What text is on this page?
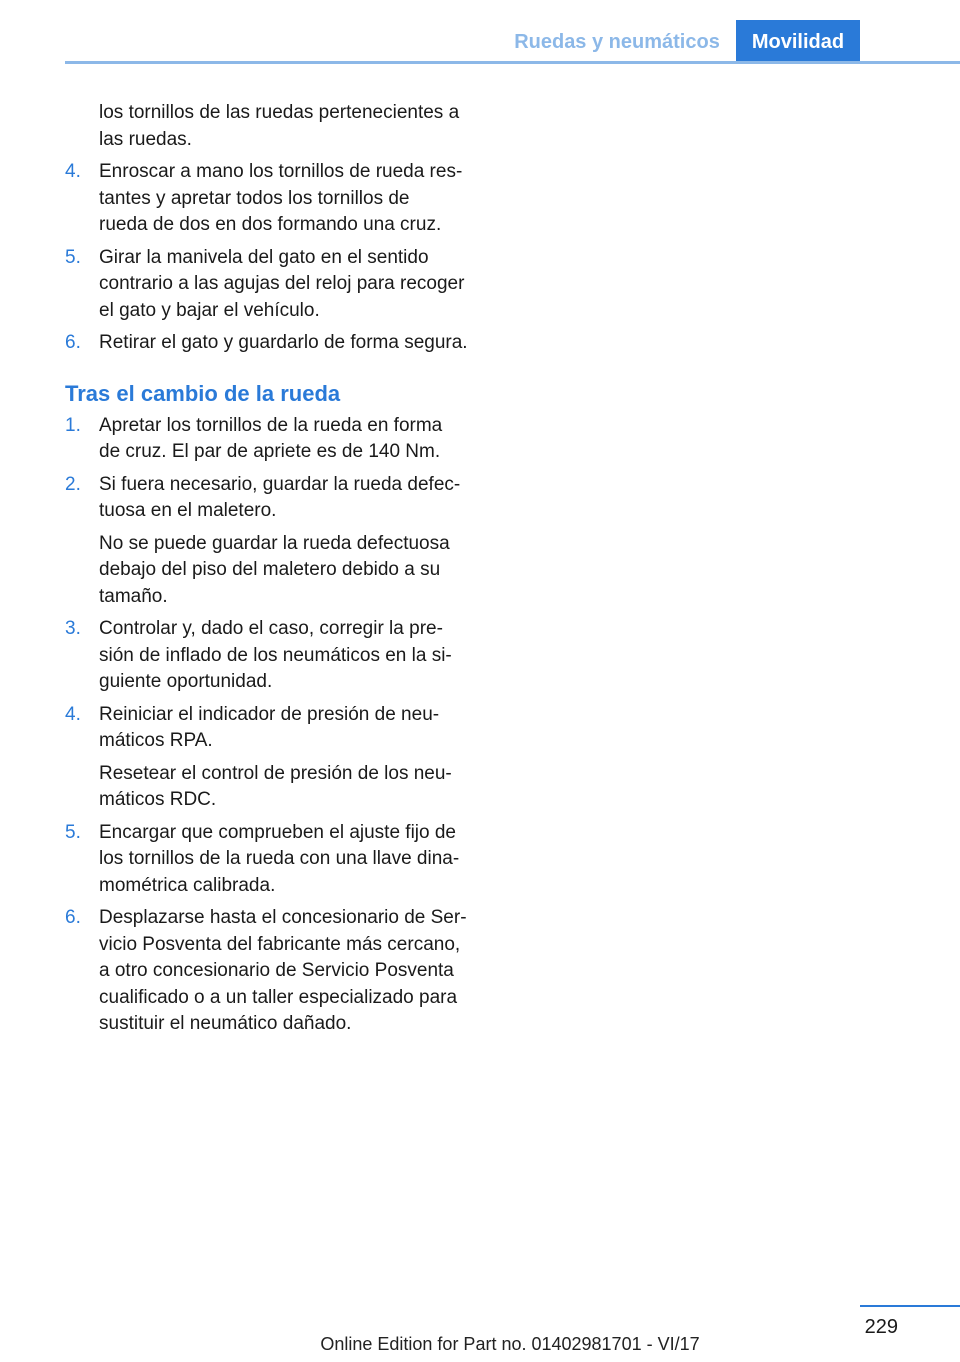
Ruedas y neumáticos	Movilidad
los tornillos de las ruedas pertenecientes a
las ruedas.
4. Enroscar a mano los tornillos de rueda res‐
tantes y apretar todos los tornillos de
rueda de dos en dos formando una cruz.
5. Girar la manivela del gato en el sentido
contrario a las agujas del reloj para recoger
el gato y bajar el vehículo.
6. Retirar el gato y guardarlo de forma segura.
Tras el cambio de la rueda
1. Apretar los tornillos de la rueda en forma
de cruz. El par de apriete es de 140 Nm.
2. Si fuera necesario, guardar la rueda defec‐
tuosa en el maletero.
No se puede guardar la rueda defectuosa
debajo del piso del maletero debido a su
tamaño.
3. Controlar y, dado el caso, corregir la pre‐
sión de inflado de los neumáticos en la si‐
guiente oportunidad.
4. Reiniciar el indicador de presión de neu‐
máticos RPA.
Resetear el control de presión de los neu‐
máticos RDC.
5. Encargar que comprueben el ajuste fijo de
los tornillos de la rueda con una llave dina‐
mométrica calibrada.
6. Desplazarse hasta el concesionario de Ser‐
vicio Posventa del fabricante más cercano,
a otro concesionario de Servicio Posventa
cualificado o a un taller especializado para
sustituir el neumático dañado.
229
Online Edition for Part no. 01402981701 - VI/17
